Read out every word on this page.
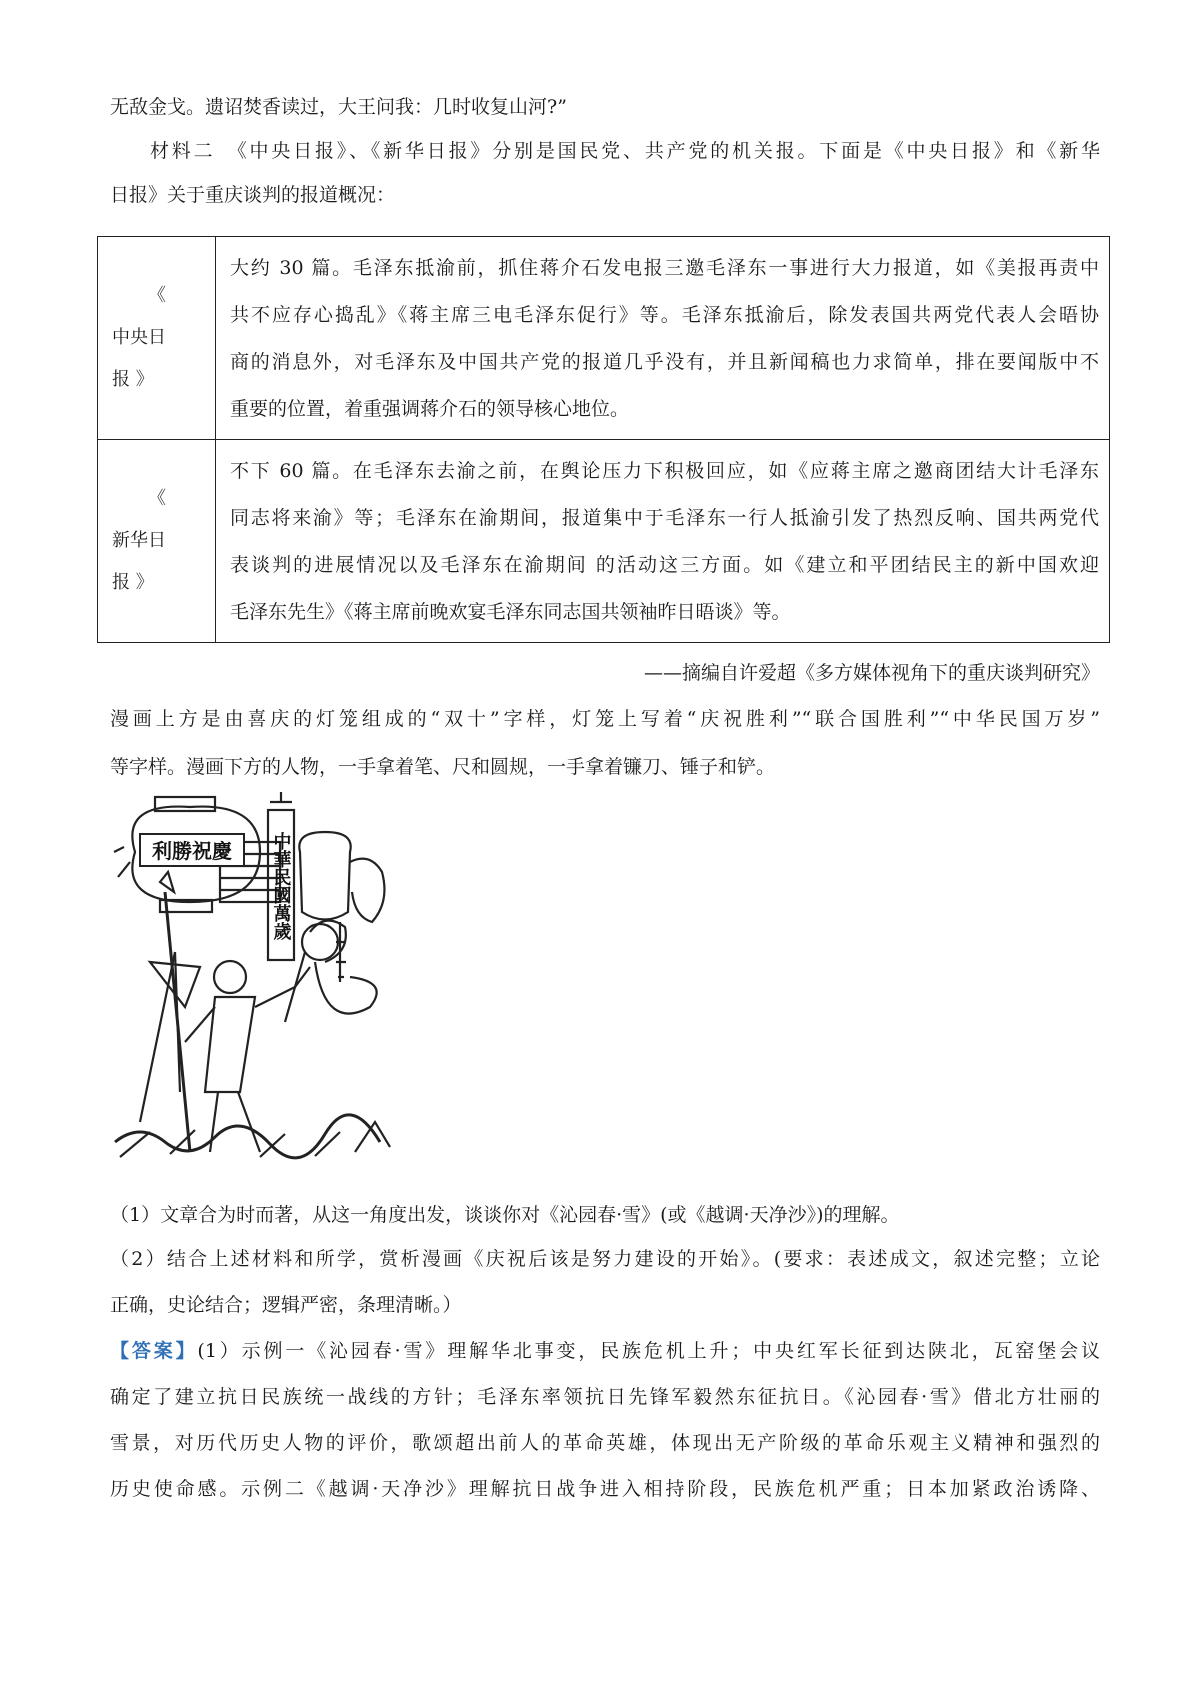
无敌金戈。遗诏焚香读过，大王问我：几时收复山河?”
材料二　《中央日报》、《新华日报》分别是国民党、共产党的机关报。下面是《中央日报》和《新华
日报》关于重庆谈判的报道概况：
《
中央日
报 》	大约 30 篇。毛泽东抵渝前，抓住蒋介石发电报三邀毛泽东一事进行大力报道，如《美报再责中
共不应存心捣乱》《蒋主席三电毛泽东促行》等。毛泽东抵渝后，除发表国共两党代表人会晤协
商的消息外，对毛泽东及中国共产党的报道几乎没有，并且新闻稿也力求简单，排在要闻版中不
重要的位置，着重强调蒋介石的领导核心地位。

《
新华日
报 》	不下 60 篇。在毛泽东去渝之前，在舆论压力下积极回应，如《应蒋主席之邀商团结大计毛泽东
同志将来渝》等；毛泽东在渝期间，报道集中于毛泽东一行人抵渝引发了热烈反响、国共两党代
表谈判的进展情况以及毛泽东在渝期间 的活动这三方面。如《建立和平团结民主的新中国欢迎
毛泽东先生》《蒋主席前晚欢宴毛泽东同志国共领袖昨日晤谈》等。
——摘编自许爱超《多方媒体视角下的重庆谈判研究》
漫画上方是由喜庆的灯笼组成的“双十”字样，灯笼上写着“庆祝胜利”“联合国胜利”“中华民国万岁”
等字样。漫画下方的人物，一手拿着笔、尺和圆规，一手拿着镰刀、锤子和铲。
利勝祝慶 中華民國萬歲
（1）文章合为时而著，从这一角度出发，谈谈你对《沁园春·雪》(或《越调·天净沙》)的理解。
（2）结合上述材料和所学，赏析漫画《庆祝后该是努力建设的开始》。(要求：表述成文，叙述完整；立论
正确，史论结合；逻辑严密，条理清晰。）
【答案】(1）示例一《沁园春·雪》理解华北事变，民族危机上升；中央红军长征到达陕北，瓦窑堡会议
确定了建立抗日民族统一战线的方针；毛泽东率领抗日先锋军毅然东征抗日。《沁园春·雪》借北方壮丽的
雪景，对历代历史人物的评价，歌颂超出前人的革命英雄，体现出无产阶级的革命乐观主义精神和强烈的
历史使命感。示例二《越调·天净沙》理解抗日战争进入相持阶段，民族危机严重；日本加紧政治诱降、
